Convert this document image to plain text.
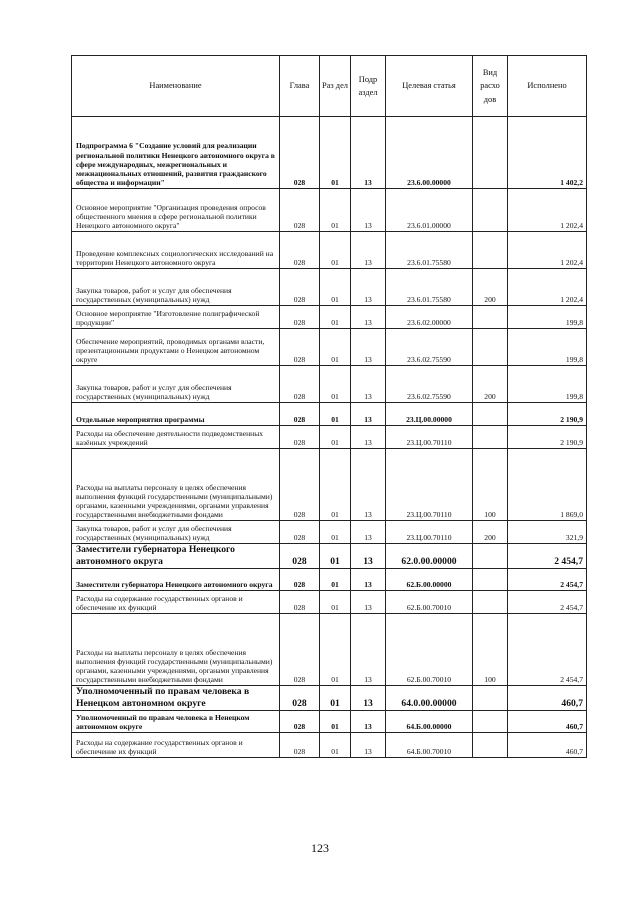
Наименование	Глава	Раз дел	Подр аздел	Целевая статья	Вид расхо дов	Исполнено
Подпрограмма 6 "Создание условий для реализации региональной политики Ненецкого автономного округа в сфере международных, межрегиональных и межнациональных отношений, развития гражданского общества и информации"	028	01	13	23.6.00.00000		1 402,2
Основное мероприятие "Организация проведения опросов общественного мнения в сфере региональной политики Ненецкого автономного округа"	028	01	13	23.6.01.00000		1 202,4
Проведение комплексных социологических исследований на территории Ненецкого автономного округа	028	01	13	23.6.01.75580		1 202,4
Закупка товаров, работ и услуг для обеспечения государственных (муниципальных) нужд	028	01	13	23.6.01.75580	200	1 202,4
Основное мероприятие "Изготовление полиграфической продукции"	028	01	13	23.6.02.00000		199,8
Обеспечение мероприятий, проводимых органами власти, презентационными продуктами о Ненецком автономном округе	028	01	13	23.6.02.75590		199,8
Закупка товаров, работ и услуг для обеспечения государственных (муниципальных) нужд	028	01	13	23.6.02.75590	200	199,8
Отдельные мероприятия программы	028	01	13	23.Ц.00.00000		2 190,9
Расходы на обеспечение деятельности подведомственных казённых учреждений	028	01	13	23.Ц.00.70110		2 190,9
Расходы на выплаты персоналу в целях обеспечения выполнения функций государственными (муниципальными) органами, казенными учреждениями, органами управления государственными внебюджетными фондами	028	01	13	23.Ц.00.70110	100	1 869,0
Закупка товаров, работ и услуг для обеспечения государственных (муниципальных) нужд	028	01	13	23.Ц.00.70110	200	321,9
Заместители губернатора Ненецкого автономного округа	028	01	13	62.0.00.00000		2 454,7
Заместители губернатора Ненецкого автономного округа	028	01	13	62.Б.00.00000		2 454,7
Расходы на содержание государственных органов и обеспечение их функций	028	01	13	62.Б.00.70010		2 454,7
Расходы на выплаты персоналу в целях обеспечения выполнения функций государственными (муниципальными) органами, казенными учреждениями, органами управления государственными внебюджетными фондами	028	01	13	62.Б.00.70010	100	2 454,7
Уполномоченный по правам человека в Ненецком автономном округе	028	01	13	64.0.00.00000		460,7
Уполномоченный по правам человека в Ненецком автономном округе	028	01	13	64.Б.00.00000		460,7
Расходы на содержание государственных органов и обеспечение их функций	028	01	13	64.Б.00.70010		460,7
123
